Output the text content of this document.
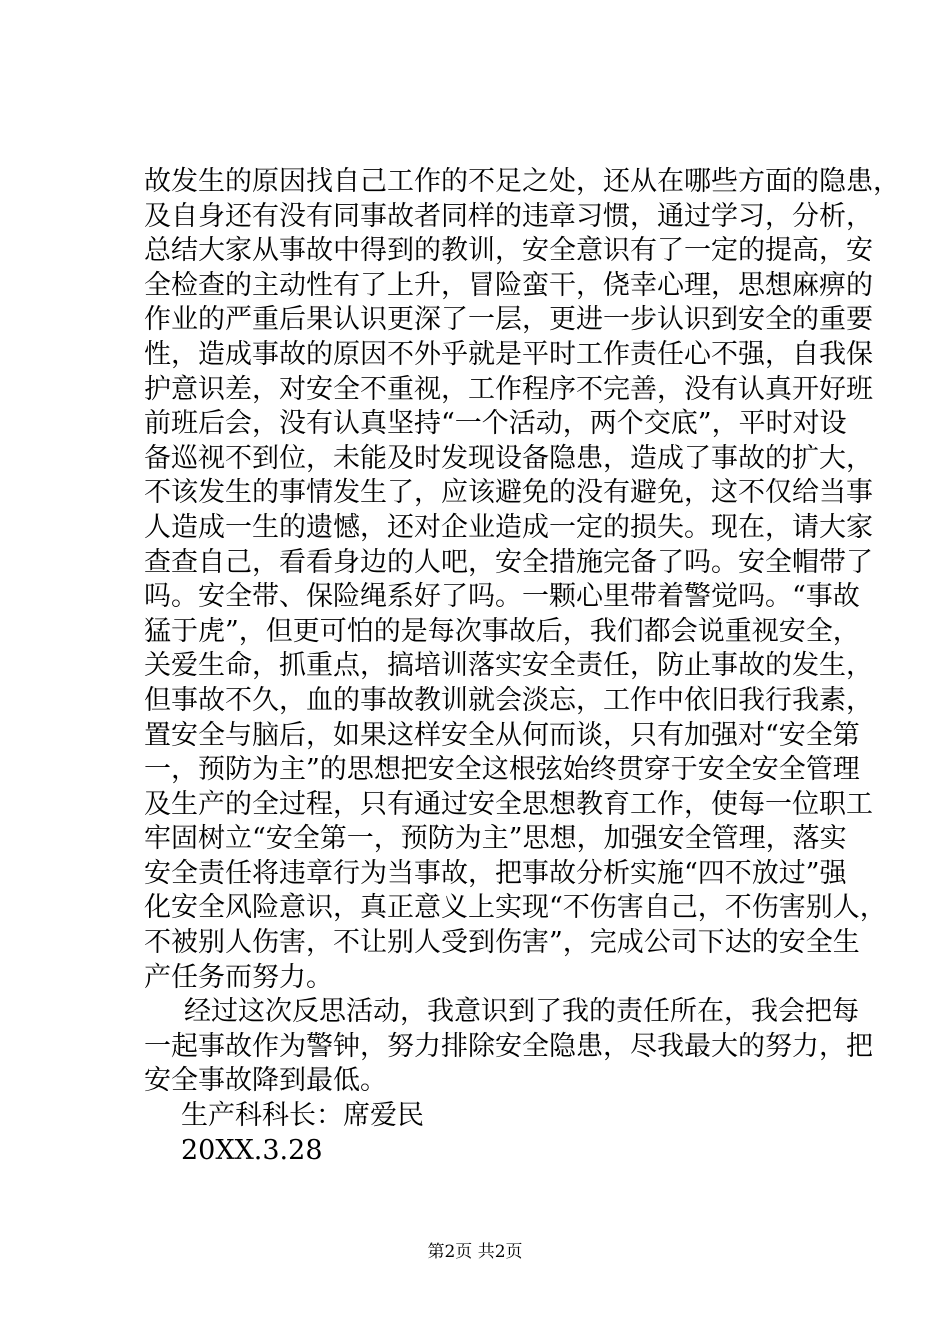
故发生的原因找自己工作的不足之处，还从在哪些方面的隐患，
及自身还有没有同事故者同样的违章习惯，通过学习，分析，
总结大家从事故中得到的教训，安全意识有了一定的提高，安
全检查的主动性有了上升，冒险蛮干，侥幸心理，思想麻痹的
作业的严重后果认识更深了一层，更进一步认识到安全的重要
性，造成事故的原因不外乎就是平时工作责任心不强，自我保
护意识差，对安全不重视，工作程序不完善，没有认真开好班
前班后会，没有认真坚持“一个活动，两个交底”，平时对设
备巡视不到位，未能及时发现设备隐患，造成了事故的扩大，
不该发生的事情发生了，应该避免的没有避免，这不仅给当事
人造成一生的遗憾，还对企业造成一定的损失。现在，请大家
查查自己，看看身边的人吧，安全措施完备了吗。安全帽带了
吗。安全带、保险绳系好了吗。一颗心里带着警觉吗。“事故
猛于虎”，但更可怕的是每次事故后，我们都会说重视安全，
关爱生命，抓重点，搞培训落实安全责任，防止事故的发生，
但事故不久，血的事故教训就会淡忘，工作中依旧我行我素，
置安全与脑后，如果这样安全从何而谈，只有加强对“安全第
一，预防为主”的思想把安全这根弦始终贯穿于安全安全管理
及生产的全过程，只有通过安全思想教育工作，使每一位职工
牢固树立“安全第一，预防为主”思想，加强安全管理，落实
安全责任将违章行为当事故，把事故分析实施“四不放过”强
化安全风险意识，真正意义上实现“不伤害自己，不伤害别人，
不被别人伤害，不让别人受到伤害”，完成公司下达的安全生
产任务而努力。
经过这次反思活动，我意识到了我的责任所在，我会把每
一起事故作为警钟，努力排除安全隐患，尽我最大的努力，把
安全事故降到最低。
生产科科长：席爱民
20XX.3.28
第2页 共2页
